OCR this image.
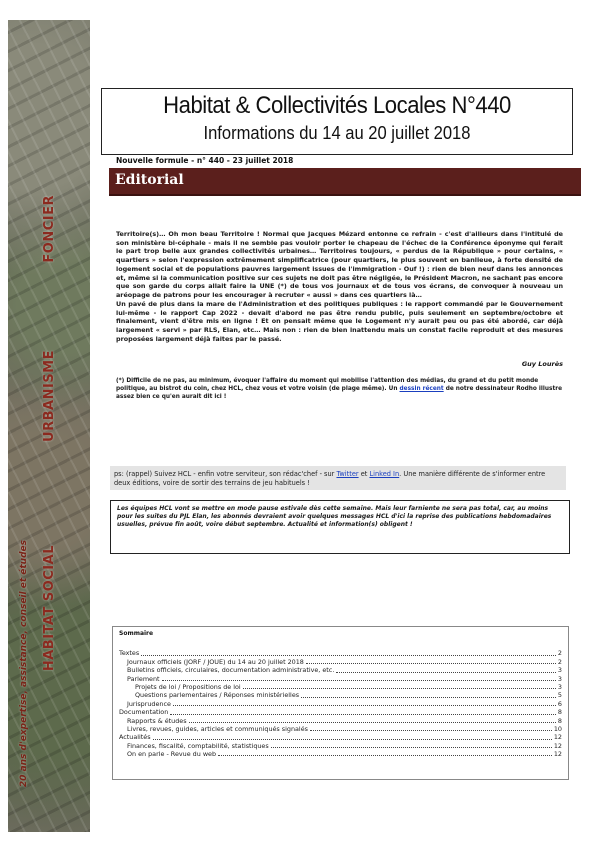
FONCIER
URBANISME
HABITAT SOCIAL
20 ans d'expertise, assistance, conseil et études
Habitat & Collectivités Locales N°440
Informations du 14 au 20 juillet 2018
Nouvelle formule - n° 440 - 23 juillet 2018
Editorial
Territoire(s)… Oh mon beau Territoire ! Normal que Jacques Mézard entonne ce refrain - c'est d'ailleurs dans l'intitulé de son ministère bi-céphale - mais il ne semble pas vouloir porter le chapeau de l'échec de la Conférence éponyme qui ferait le part trop belle aux grandes collectivités urbaines… Territoires toujours, « perdus de la République » pour certains, « quartiers » selon l'expression extrêmement simplificatrice (pour quartiers, le plus souvent en banlieue, à forte densité de logement social et de populations pauvres largement issues de l'immigration - Ouf !) : rien de bien neuf dans les annonces et, même si la communication positive sur ces sujets ne doit pas être négligée, le Président Macron, ne sachant pas encore que son garde du corps allait faire la UNE (*) de tous vos journaux et de tous vos écrans, de convoquer à nouveau un aréopage de patrons pour les encourager à recruter « aussi » dans ces quartiers là…
Un pavé de plus dans la mare de l'Administration et des politiques publiques : le rapport commandé par le Gouvernement lui-même - le rapport Cap 2022 - devait d'abord ne pas être rendu public, puis seulement en septembre/octobre et finalement, vient d'être mis en ligne ! Et on pensait même que le Logement n'y aurait peu ou pas été abordé, car déjà largement « servi » par RLS, Elan, etc… Mais non : rien de bien inattendu mais un constat facile reproduit et des mesures proposées largement déjà faites par le passé.
Guy Lourès
(*) Difficile de ne pas, au minimum, évoquer l'affaire du moment qui mobilise l'attention des médias, du grand et du petit monde politique, au bistrot du coin, chez HCL, chez vous et votre voisin (de plage même). Un dessin récent de notre dessinateur Rodho illustre assez bien ce qu'en aurait dit ici !
ps: (rappel) Suivez HCL - enfin votre serviteur, son rédac'chef - sur Twitter et Linked In. Une manière différente de s'informer entre deux éditions, voire de sortir des terrains de jeu habituels !
Les équipes HCL vont se mettre en mode pause estivale dès cette semaine. Mais leur farniente ne sera pas total, car, au moins pour les suites du PJL Elan, les abonnés devraient avoir quelques messages HCL d'ici la reprise des publications hebdomadaires usuelles, prévue fin août, voire début septembre. Actualité et information(s) obligent !
Sommaire
Textes	2
Journaux officiels (JORF / JOUE) du 14 au 20 juillet 2018	2
Bulletins officiels, circulaires, documentation administrative, etc.	3
Parlement	3
Projets de loi / Propositions de loi	3
Questions parlementaires / Réponses ministérielles	5
Jurisprudence	6
Documentation	8
Rapports & études	8
Livres, revues, guides, articles et communiqués signalés	10
Actualités	12
Finances, fiscalité, comptabilité, statistiques	12
On en parle - Revue du web	12
